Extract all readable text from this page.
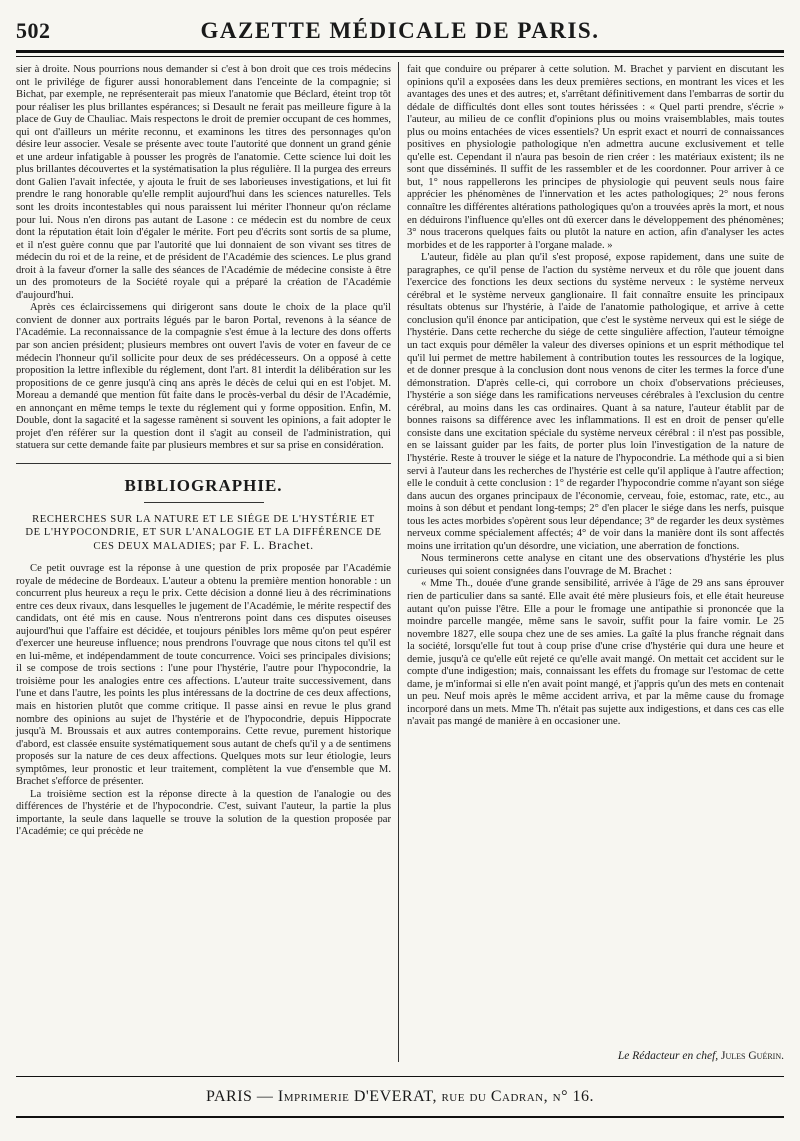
502	GAZETTE MÉDICALE DE PARIS.

sier à droite. Nous pourrions nous demander si c'est à bon droit que ces trois médecins ont le privilége de figurer aussi honorablement dans l'enceinte de la compagnie; si Bichat, par exemple, ne représenterait pas mieux l'anatomie que Béclard, éteint trop tôt pour réaliser les plus brillantes espérances; si Desault ne ferait pas meilleure figure à la place de Guy de Chauliac. Mais respectons le droit de premier occupant de ces hommes, qui ont d'ailleurs un mérite reconnu, et examinons les titres des personnages qu'on désire leur associer. Vesale se présente avec toute l'autorité que donnent un grand génie et une ardeur infatigable à pousser les progrès de l'anatomie. Cette science lui doit les plus brillantes découvertes et la systématisation la plus régulière. Il la purgea des erreurs dont Galien l'avait infectée, y ajouta le fruit de ses laborieuses investigations, et lui fit prendre le rang honorable qu'elle remplit aujourd'hui dans les sciences naturelles. Tels sont les droits incontestables qui nous paraissent lui mériter l'honneur qu'on réclame pour lui. Nous n'en dirons pas autant de Lasone : ce médecin est du nombre de ceux dont la réputation était loin d'égaler le mérite. Fort peu d'écrits sont sortis de sa plume, et il n'est guère connu que par l'autorité que lui donnaient de son vivant ses titres de médecin du roi et de la reine, et de président de l'Académie des sciences. Le plus grand droit à la faveur d'orner la salle des séances de l'Académie de médecine consiste à être un des promoteurs de la Société royale qui a préparé la création de l'Académie d'aujourd'hui.

Après ces éclaircissemens qui dirigeront sans doute le choix de la place qu'il convient de donner aux portraits légués par le baron Portal, revenons à la séance de l'Académie. La reconnaissance de la compagnie s'est émue à la lecture des dons offerts par son ancien président; plusieurs membres ont ouvert l'avis de voter en faveur de ce médecin l'honneur qu'il sollicite pour deux de ses prédécesseurs. On a opposé à cette proposition la lettre inflexible du réglement, dont l'art. 81 interdit la délibération sur les propositions de ce genre jusqu'à cinq ans après le décès de celui qui en est l'objet. M. Moreau a demandé que mention fût faite dans le procès-verbal du désir de l'Académie, en annonçant en même temps le texte du réglement qui y forme opposition. Enfin, M. Double, dont la sagacité et la sagesse ramènent si souvent les opinions, a fait adopter le projet d'en référer sur la question dont il s'agit au conseil de l'administration, qui statuera sur cette demande faite par plusieurs membres et sur sa prise en considération.

BIBLIOGRAPHIE.
RECHERCHES SUR LA NATURE ET LE SIÉGE DE L'HYSTÉRIE ET DE L'HYPOCONDRIE, ET SUR L'ANALOGIE ET LA DIFFÉRENCE DE CES DEUX MALADIES; par F. L. Brachet.

Ce petit ouvrage est la réponse à une question de prix proposée par l'Académie royale de médecine de Bordeaux. L'auteur a obtenu la première mention honorable : un concurrent plus heureux a reçu le prix. Cette décision a donné lieu à des récriminations entre ces deux rivaux, dans lesquelles le jugement de l'Académie, le mérite respectif des candidats, ont été mis en cause. Nous n'entrerons point dans ces disputes oiseuses aujourd'hui que l'affaire est décidée, et toujours pénibles lors même qu'on peut espérer d'exercer une heureuse influence; nous prendrons l'ouvrage que nous citons tel qu'il est en lui-même, et indépendamment de toute concurrence. Voici ses principales divisions; il se compose de trois sections : l'une pour l'hystérie, l'autre pour l'hypocondrie, la troisième pour les analogies entre ces affections. L'auteur traite successivement, dans l'une et dans l'autre, les points les plus intéressans de la doctrine de ces deux affections, mais en historien plutôt que comme critique. Il passe ainsi en revue le plus grand nombre des opinions au sujet de l'hystérie et de l'hypocondrie, depuis Hippocrate jusqu'à M. Broussais et aux autres contemporains. Cette revue, purement historique d'abord, est classée ensuite systématiquement sous autant de chefs qu'il y a de sentimens proposés sur la nature de ces deux affections. Quelques mots sur leur étiologie, leurs symptômes, leur pronostic et leur traitement, complètent la vue d'ensemble que M. Brachet s'efforce de présenter.

La troisième section est la réponse directe à la question de l'analogie ou des différences de l'hystérie et de l'hypocondrie. C'est, suivant l'auteur, la partie la plus importante, la seule dans laquelle se trouve la solution de la question proposée par l'Académie; ce qui précède ne

fait que conduire ou préparer à cette solution. M. Brachet y parvient en discutant les opinions qu'il a exposées dans les deux premières sections, en montrant les vices et les avantages des unes et des autres; et, s'arrêtant définitivement dans l'embarras de sortir du dédale de difficultés dont elles sont toutes hérissées : « Quel parti prendre, s'écrie » l'auteur, au milieu de ce conflit d'opinions plus ou moins vraisemblables, mais toutes plus ou moins entachées de vices essentiels? Un esprit exact et nourri de connaissances positives en physiologie pathologique n'en admettra aucune exclusivement et telle qu'elle est. Cependant il n'aura pas besoin de rien créer : les matériaux existent; ils ne sont que disséminés. Il suffit de les rassembler et de les coordonner. Pour arriver à ce but, 1° nous rappellerons les principes de physiologie qui peuvent seuls nous faire apprécier les phénomènes de l'innervation et les actes pathologiques; 2° nous ferons connaître les différentes altérations pathologiques qu'on a trouvées après la mort, et nous en déduirons l'influence qu'elles ont dû exercer dans le développement des phénomènes; 3° nous tracerons quelques faits ou plutôt la nature en action, afin d'analyser les actes morbides et de les rapporter à l'organe malade. »

L'auteur, fidèle au plan qu'il s'est proposé, expose rapidement, dans une suite de paragraphes, ce qu'il pense de l'action du système nerveux et du rôle que jouent dans l'exercice des fonctions les deux sections du système nerveux : le système nerveux cérébral et le système nerveux ganglionaire. Il fait connaître ensuite les principaux résultats obtenus sur l'hystérie, à l'aide de l'anatomie pathologique, et arrive à cette conclusion qu'il énonce par anticipation, que c'est le système nerveux qui est le siége de l'hystérie. Dans cette recherche du siége de cette singulière affection, l'auteur témoigne un tact exquis pour démêler la valeur des diverses opinions et un esprit méthodique tel qu'il lui permet de mettre habilement à contribution toutes les ressources de la logique, et de donner presque à la conclusion dont nous venons de citer les termes la force d'une démonstration. D'après celle-ci, qui corrobore un choix d'observations précieuses, l'hystérie a son siége dans les ramifications nerveuses cérébrales à l'exclusion du centre cérébral, au moins dans les cas ordinaires. Quant à sa nature, l'auteur établit par de bonnes raisons sa différence avec les inflammations. Il est en droit de penser qu'elle consiste dans une excitation spéciale du système nerveux cérébral : il n'est pas possible, en se laissant guider par les faits, de porter plus loin l'investigation de la nature de l'hystérie. Reste à trouver le siége et la nature de l'hypocondrie. La méthode qui a si bien servi à l'auteur dans les recherches de l'hystérie est celle qu'il applique à l'autre affection; elle le conduit à cette conclusion : 1° de regarder l'hypocondrie comme n'ayant son siége dans aucun des organes principaux de l'économie, cerveau, foie, estomac, rate, etc., au moins à son début et pendant long-temps; 2° d'en placer le siége dans les nerfs, puisque tous les actes morbides s'opèrent sous leur dépendance; 3° de regarder les deux systèmes nerveux comme spécialement affectés; 4° de voir dans la manière dont ils sont affectés moins une irritation qu'un désordre, une viciation, une aberration de fonctions.

Nous terminerons cette analyse en citant une des observations d'hystérie les plus curieuses qui soient consignées dans l'ouvrage de M. Brachet :

« Mme Th., douée d'une grande sensibilité, arrivée à l'âge de 29 ans sans éprouver rien de particulier dans sa santé. Elle avait été mère plusieurs fois, et elle était heureuse autant qu'on puisse l'être. Elle a pour le fromage une antipathie si prononcée que la moindre parcelle mangée, même sans le savoir, suffit pour la faire vomir. Le 25 novembre 1827, elle soupa chez une de ses amies. La gaîté la plus franche régnait dans la société, lorsqu'elle fut tout à coup prise d'une crise d'hystérie qui dura une heure et demie, jusqu'à ce qu'elle eût rejeté ce qu'elle avait mangé. On mettait cet accident sur le compte d'une indigestion; mais, connaissant les effets du fromage sur l'estomac de cette dame, je m'informai si elle n'en avait point mangé, et j'appris qu'un des mets en contenait un peu. Neuf mois après le même accident arriva, et par la même cause du fromage incorporé dans un mets. Mme Th. n'était pas sujette aux indigestions, et dans ces cas elle n'avait pas mangé de manière à en occasioner une.

Le Rédacteur en chef, Jules Guérin.
PARIS — Imprimerie D'EVERAT, rue du Cadran, n° 16.
